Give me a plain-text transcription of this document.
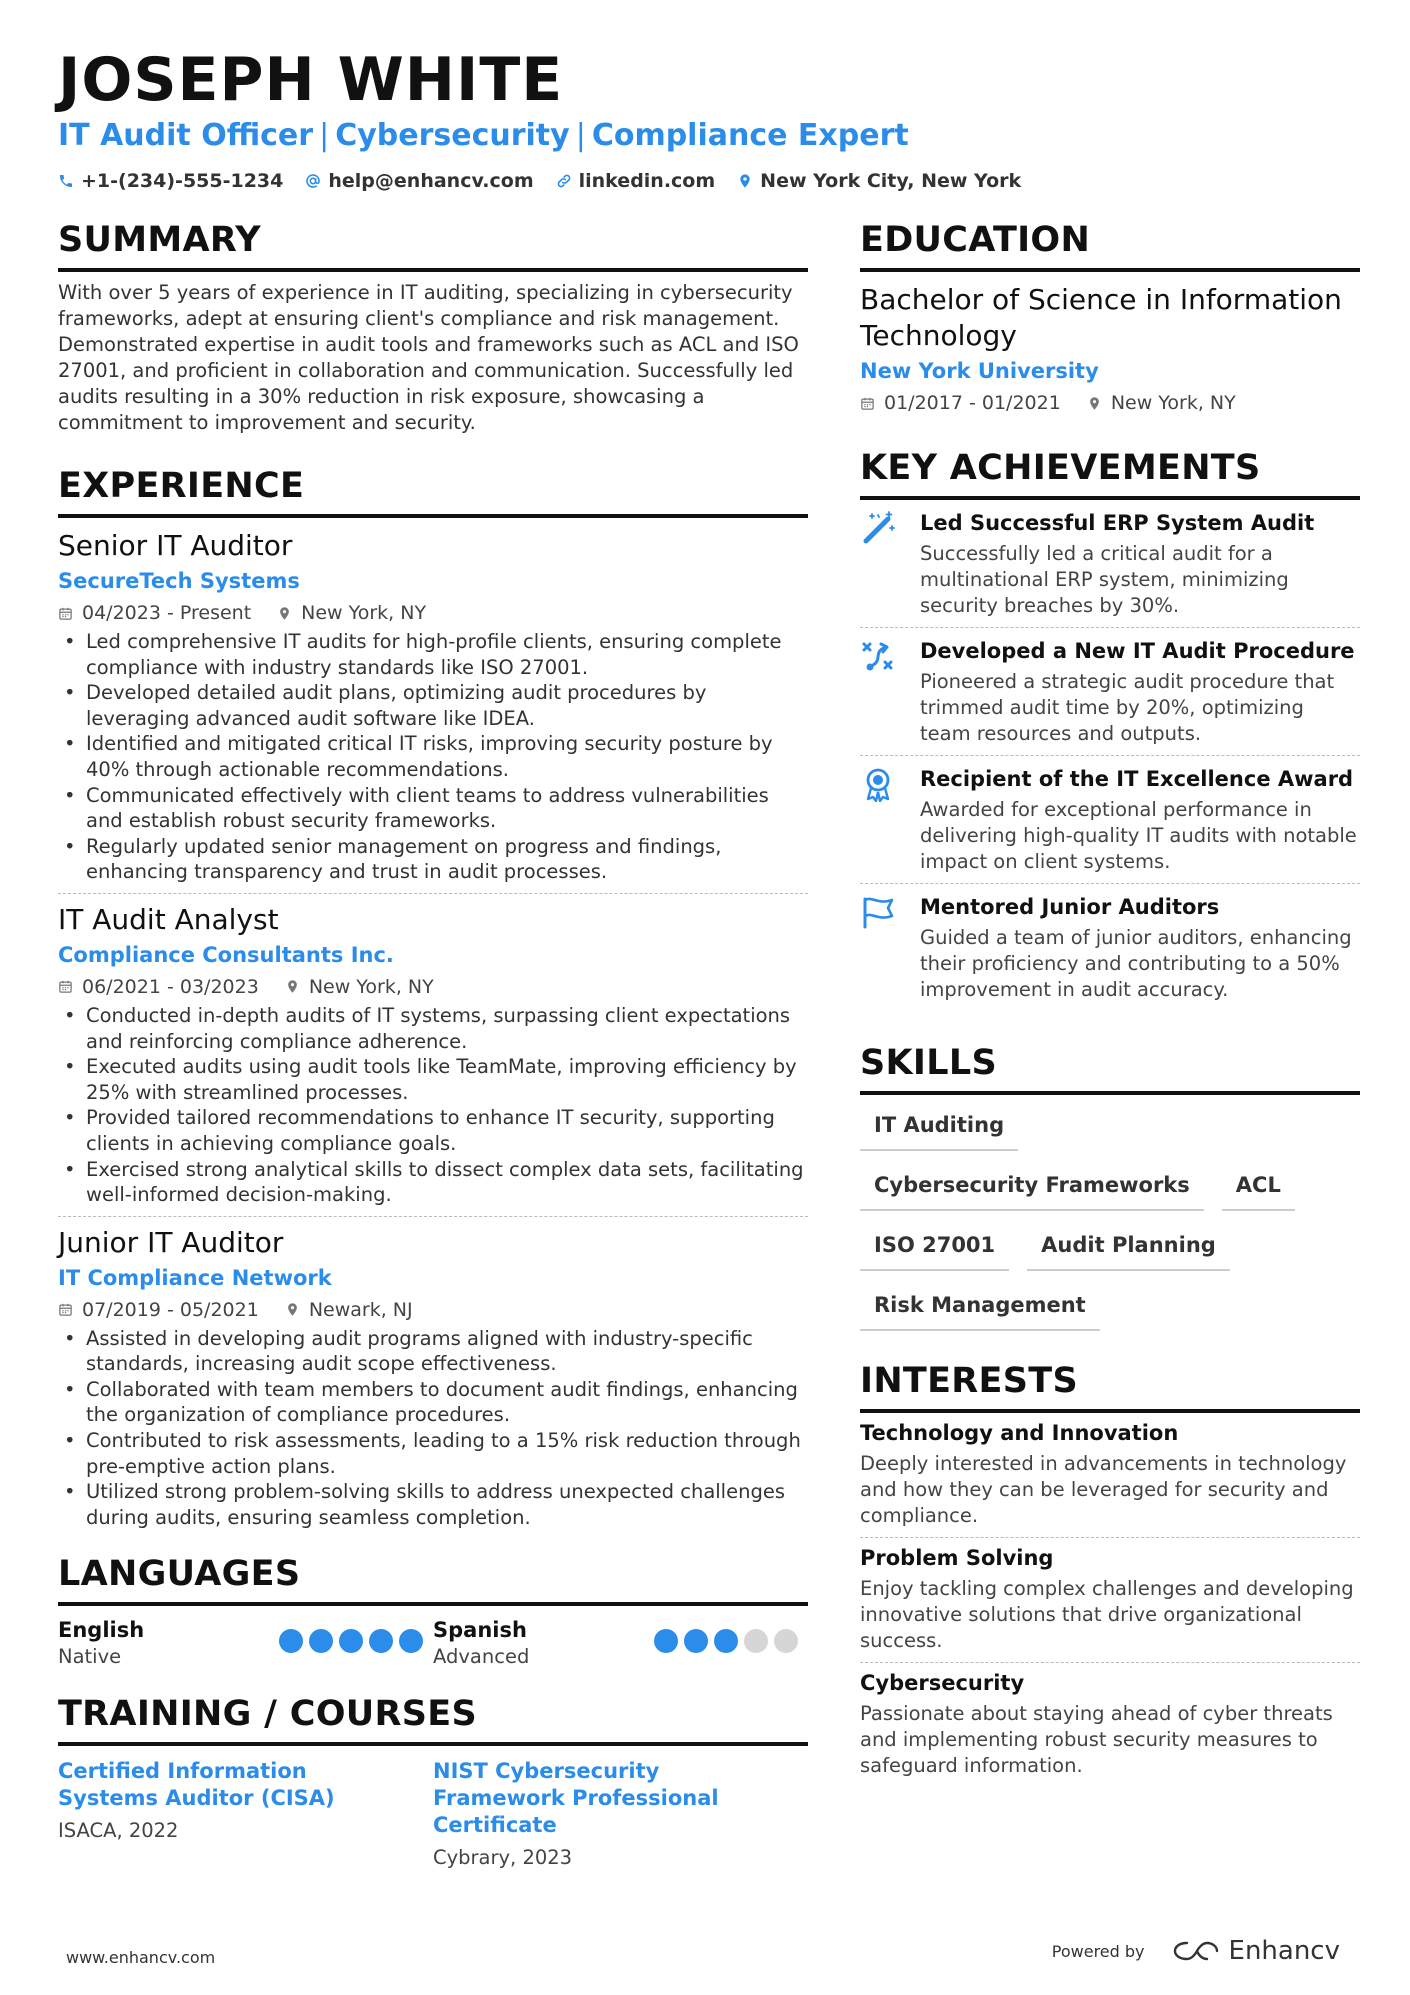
JOSEPH WHITE
IT Audit Officer | Cybersecurity | Compliance Expert
+1-(234)-555-1234 help@enhancv.com linkedin.com New York City, New York
SUMMARY

With over 5 years of experience in IT auditing, specializing in cybersecurity frameworks, adept at ensuring client's compliance and risk management. Demonstrated expertise in audit tools and frameworks such as ACL and ISO 27001, and proficient in collaboration and communication. Successfully led audits resulting in a 30% reduction in risk exposure, showcasing a commitment to improvement and security.

EXPERIENCE
Senior IT Auditor
SecureTech Systems
04/2023 - Present	New York, NY
• Led comprehensive IT audits for high-profile clients, ensuring complete compliance with industry standards like ISO 27001.
• Developed detailed audit plans, optimizing audit procedures by leveraging advanced audit software like IDEA.
• Identified and mitigated critical IT risks, improving security posture by 40% through actionable recommendations.
• Communicated effectively with client teams to address vulnerabilities and establish robust security frameworks.
• Regularly updated senior management on progress and findings, enhancing transparency and trust in audit processes.
IT Audit Analyst
Compliance Consultants Inc.
06/2021 - 03/2023	New York, NY
• Conducted in-depth audits of IT systems, surpassing client expectations and reinforcing compliance adherence.
• Executed audits using audit tools like TeamMate, improving efficiency by 25% with streamlined processes.
• Provided tailored recommendations to enhance IT security, supporting clients in achieving compliance goals.
• Exercised strong analytical skills to dissect complex data sets, facilitating well-informed decision-making.
Junior IT Auditor
IT Compliance Network
07/2019 - 05/2021	Newark, NJ
• Assisted in developing audit programs aligned with industry-specific standards, increasing audit scope effectiveness.
• Collaborated with team members to document audit findings, enhancing the organization of compliance procedures.
• Contributed to risk assessments, leading to a 15% risk reduction through pre-emptive action plans.
• Utilized strong problem-solving skills to address unexpected challenges during audits, ensuring seamless completion.
LANGUAGES
English
Native
Spanish
Advanced
TRAINING / COURSES
Certified Information Systems Auditor (CISA)
ISACA, 2022
NIST Cybersecurity Framework Professional Certificate
Cybrary, 2023
EDUCATION
Bachelor of Science in Information Technology
New York University
01/2017 - 01/2021	New York, NY
KEY ACHIEVEMENTS
Led Successful ERP System Audit
Successfully led a critical audit for a multinational ERP system, minimizing security breaches by 30%.
Developed a New IT Audit Procedure
Pioneered a strategic audit procedure that trimmed audit time by 20%, optimizing team resources and outputs.
Recipient of the IT Excellence Award
Awarded for exceptional performance in delivering high-quality IT audits with notable impact on client systems.
Mentored Junior Auditors
Guided a team of junior auditors, enhancing their proficiency and contributing to a 50% improvement in audit accuracy.
SKILLS
IT Auditing
Cybersecurity Frameworks	ACL
ISO 27001	Audit Planning
Risk Management
INTERESTS
Technology and Innovation
Deeply interested in advancements in technology and how they can be leveraged for security and compliance.
Problem Solving
Enjoy tackling complex challenges and developing innovative solutions that drive organizational success.
Cybersecurity
Passionate about staying ahead of cyber threats and implementing robust security measures to safeguard information.
www.enhancv.com	Powered by	Enhancv
